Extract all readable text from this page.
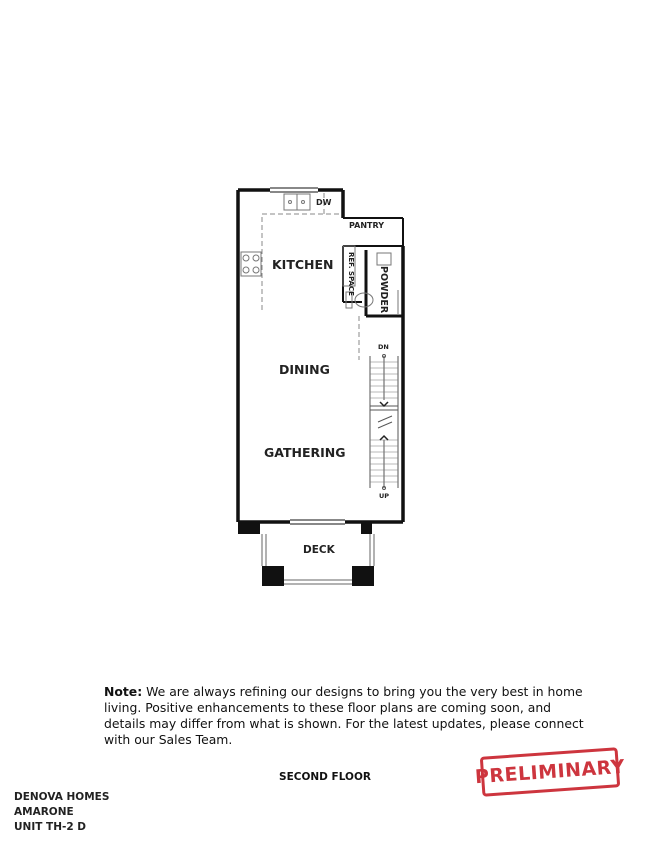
KITCHEN
DINING
GATHERING
DECK
PANTRY
DW
DN
UP
REF. SPACE POWDER
Note: We are always refining our designs to bring you the very best in home living. Positive enhancements to these floor plans are coming soon, and details may differ from what is shown. For the latest updates, please connect with our Sales Team.
SECOND FLOOR
DENOVA HOMES
AMARONE
UNIT TH-2 D
PRELIMINARY
